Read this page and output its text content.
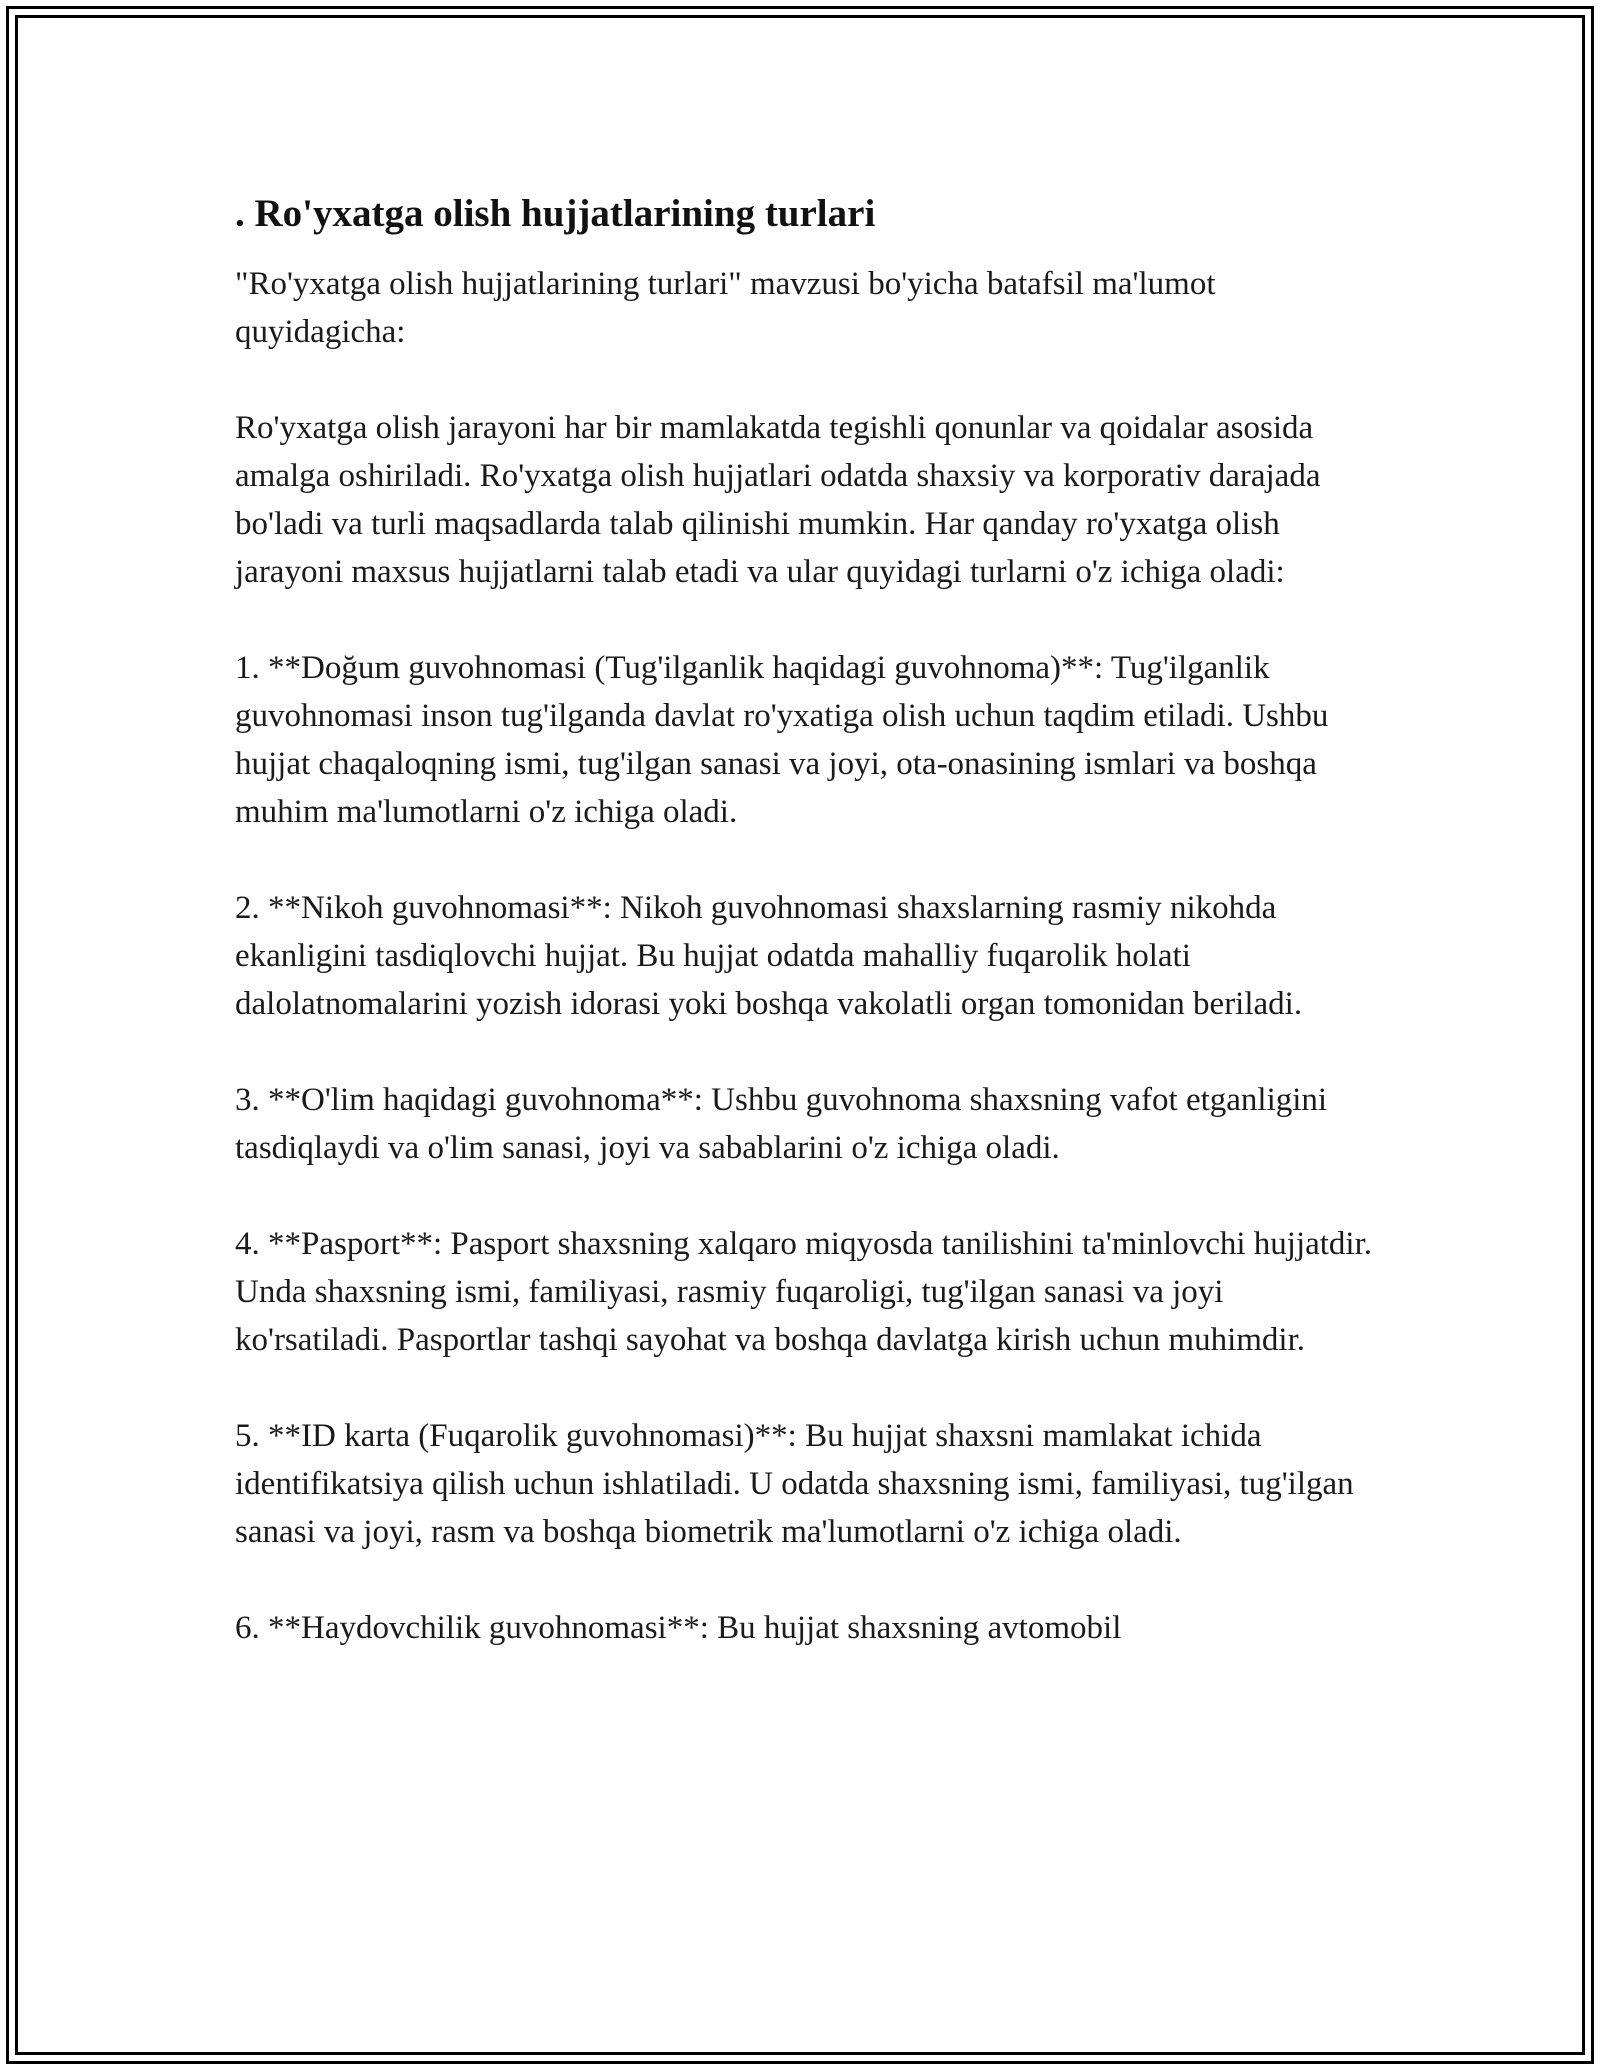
. Ro'yxatga olish hujjatlarining turlari

"Ro'yxatga olish hujjatlarining turlari" mavzusi bo'yicha batafsil ma'lumot quyidagicha:

Ro'yxatga olish jarayoni har bir mamlakatda tegishli qonunlar va qoidalar asosida amalga oshiriladi. Ro'yxatga olish hujjatlari odatda shaxsiy va korporativ darajada bo'ladi va turli maqsadlarda talab qilinishi mumkin. Har qanday ro'yxatga olish jarayoni maxsus hujjatlarni talab etadi va ular quyidagi turlarni o'z ichiga oladi:

1. **Doğum guvohnomasi (Tug'ilganlik haqidagi guvohnoma)**: Tug'ilganlik guvohnomasi inson tug'ilganda davlat ro'yxatiga olish uchun taqdim etiladi. Ushbu hujjat chaqaloqning ismi, tug'ilgan sanasi va joyi, ota-onasining ismlari va boshqa muhim ma'lumotlarni o'z ichiga oladi.

2. **Nikoh guvohnomasi**: Nikoh guvohnomasi shaxslarning rasmiy nikohda ekanligini tasdiqlovchi hujjat. Bu hujjat odatda mahalliy fuqarolik holati dalolatnomalarini yozish idorasi yoki boshqa vakolatli organ tomonidan beriladi.

3. **O'lim haqidagi guvohnoma**: Ushbu guvohnoma shaxsning vafot etganligini tasdiqlaydi va o'lim sanasi, joyi va sabablarini o'z ichiga oladi.

4. **Pasport**: Pasport shaxsning xalqaro miqyosda tanilishini ta'minlovchi hujjatdir. Unda shaxsning ismi, familiyasi, rasmiy fuqaroligi, tug'ilgan sanasi va joyi ko'rsatiladi. Pasportlar tashqi sayohat va boshqa davlatga kirish uchun muhimdir.

5. **ID karta (Fuqarolik guvohnomasi)**: Bu hujjat shaxsni mamlakat ichida identifikatsiya qilish uchun ishlatiladi. U odatda shaxsning ismi, familiyasi, tug'ilgan sanasi va joyi, rasm va boshqa biometrik ma'lumotlarni o'z ichiga oladi.

6. **Haydovchilik guvohnomasi**: Bu hujjat shaxsning avtomobil
